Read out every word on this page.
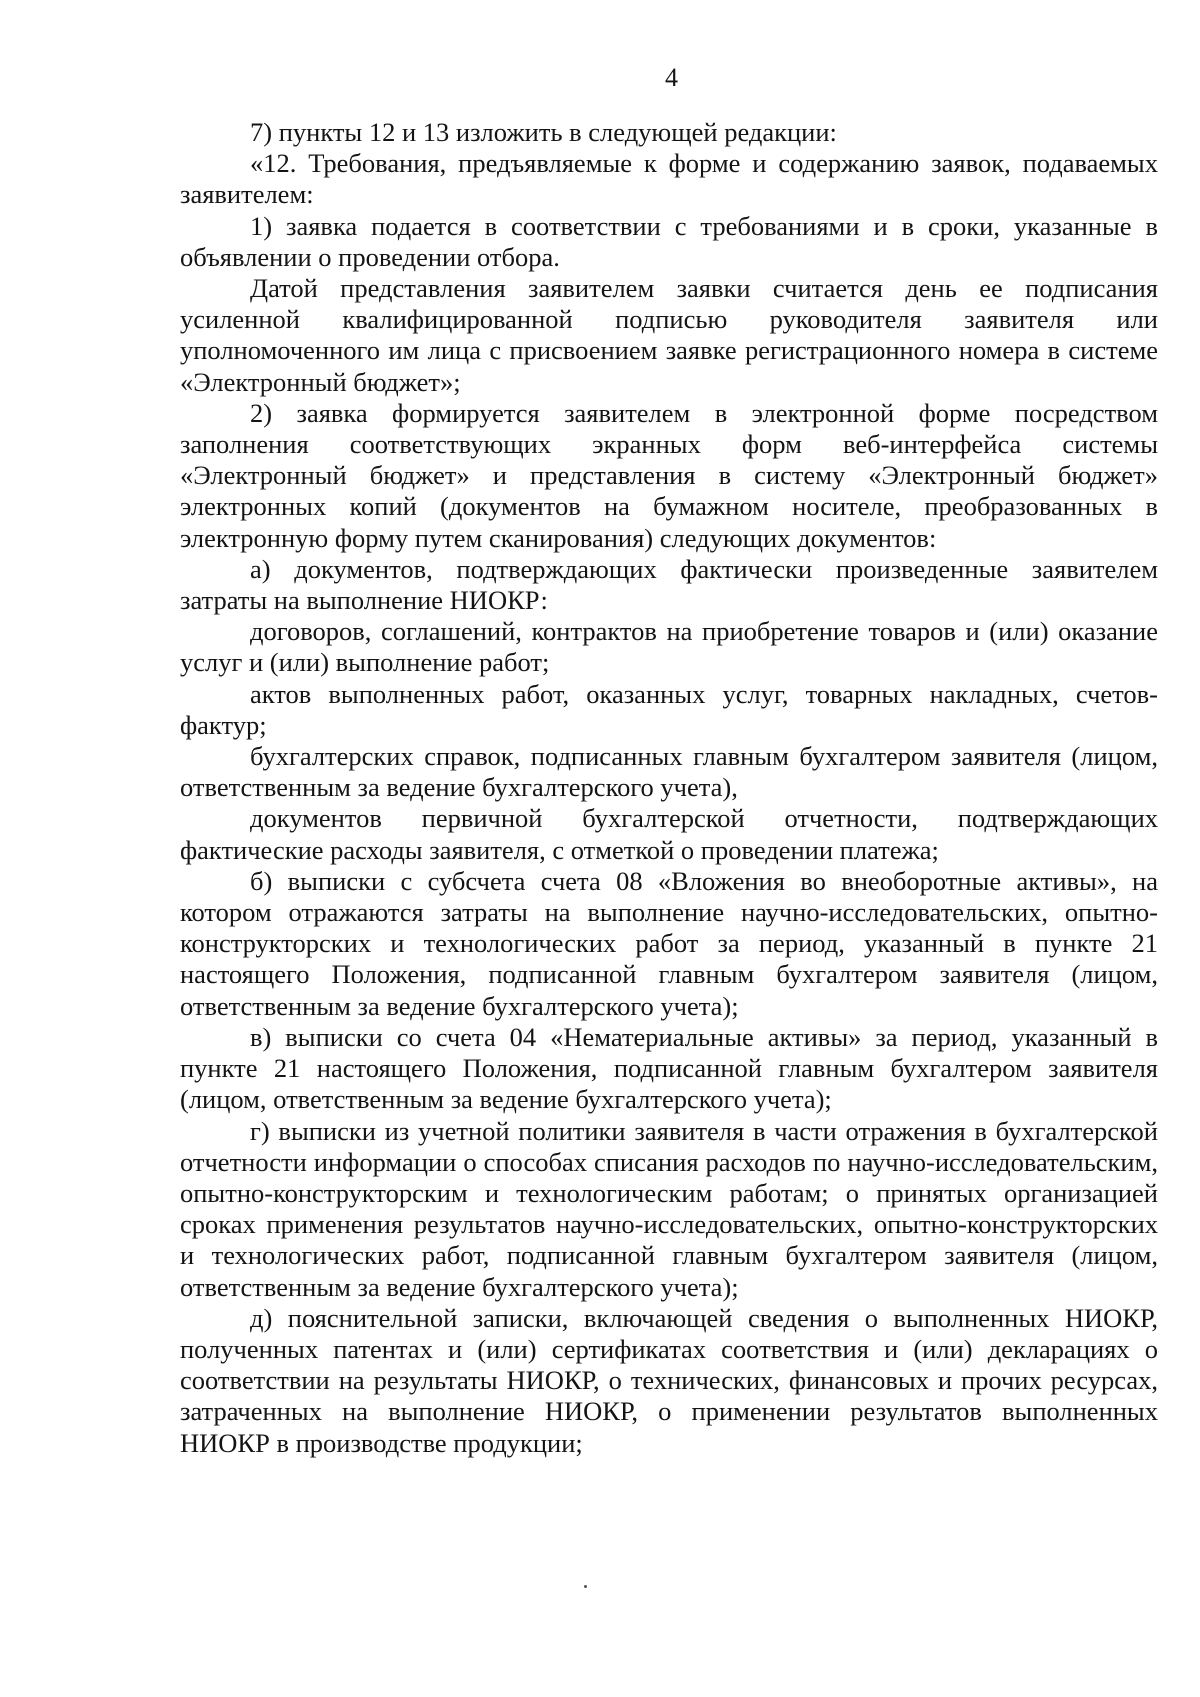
4

7) пункты 12 и 13 изложить в следующей редакции:

«12. Требования, предъявляемые к форме и содержанию заявок, подаваемых заявителем:

1) заявка подается в соответствии с требованиями и в сроки, указанные в объявлении о проведении отбора.

Датой представления заявителем заявки считается день ее подписания усиленной квалифицированной подписью руководителя заявителя или уполномоченного им лица с присвоением заявке регистрационного номера в системе «Электронный бюджет»;

2) заявка формируется заявителем в электронной форме посредством заполнения соответствующих экранных форм веб-интерфейса системы «Электронный бюджет» и представления в систему «Электронный бюджет» электронных копий (документов на бумажном носителе, преобразованных в электронную форму путем сканирования) следующих документов:

а) документов, подтверждающих фактически произведенные заявителем затраты на выполнение НИОКР:

договоров, соглашений, контрактов на приобретение товаров и (или) оказание услуг и (или) выполнение работ;

актов выполненных работ, оказанных услуг, товарных накладных, счетов-фактур;

бухгалтерских справок, подписанных главным бухгалтером заявителя (лицом, ответственным за ведение бухгалтерского учета),

документов первичной бухгалтерской отчетности, подтверждающих фактические расходы заявителя, с отметкой о проведении платежа;

б) выписки с субсчета счета 08 «Вложения во внеоборотные активы», на котором отражаются затраты на выполнение научно-исследовательских, опытно-конструкторских и технологических работ за период, указанный в пункте 21 настоящего Положения, подписанной главным бухгалтером заявителя (лицом, ответственным за ведение бухгалтерского учета);

в) выписки со счета 04 «Нематериальные активы» за период, указанный в пункте 21 настоящего Положения, подписанной главным бухгалтером заявителя (лицом, ответственным за ведение бухгалтерского учета);

г) выписки из учетной политики заявителя в части отражения в бухгалтерской отчетности информации о способах списания расходов по научно-исследовательским, опытно-конструкторским и технологическим работам; о принятых организацией сроках применения результатов научно-исследовательских, опытно-конструкторских и технологических работ, подписанной главным бухгалтером заявителя (лицом, ответственным за ведение бухгалтерского учета);

д) пояснительной записки, включающей сведения о выполненных НИОКР, полученных патентах и (или) сертификатах соответствия и (или) декларациях о соответствии на результаты НИОКР, о технических, финансовых и прочих ресурсах, затраченных на выполнение НИОКР, о применении результатов выполненных НИОКР в производстве продукции;
